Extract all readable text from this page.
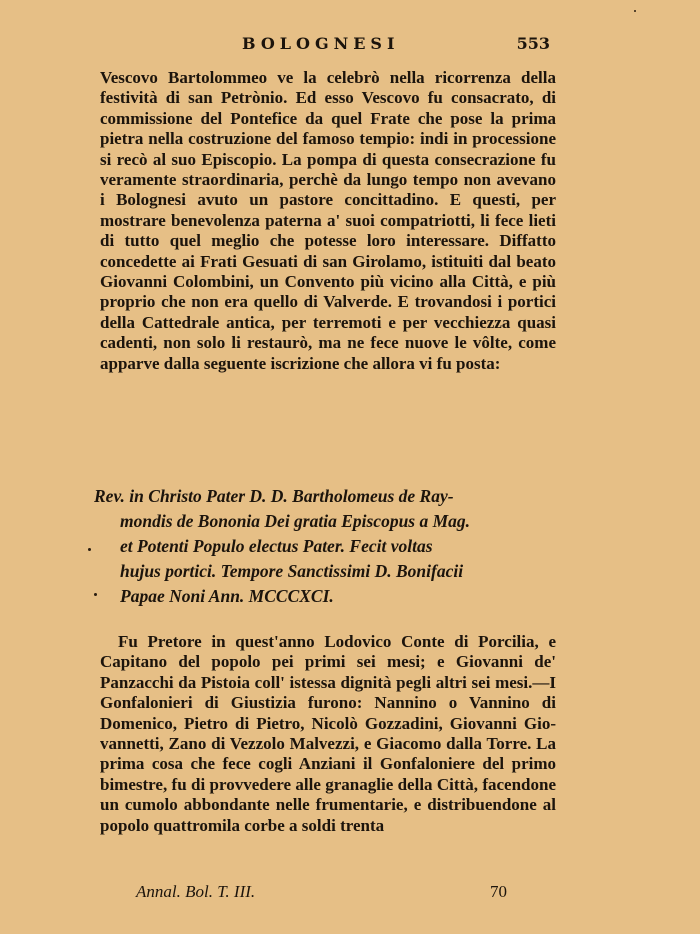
BOLOGNESI	553

Vescovo Bartolommeo ve la celebrò nella ricorrenza della festività di san Petrònio. Ed esso Vescovo fu consacrato, di commissione del Pontefice da quel Frate che pose la prima pietra nella costruzione del famoso tempio: indi in processione si recò al suo Episcopio. La pompa di questa consecrazione fu veramente straordinaria, perchè da lungo tempo non avevano i Bolognesi avuto un pastore concittadino. E questi, per mostrare benevolenza paterna a' suoi compatriotti, li fece lieti di tutto quel meglio che potesse loro interessare. Diffatto concedette ai Frati Gesuati di san Girolamo, istituiti dal beato Giovanni Colombini, un Convento più vicino alla Città, e più proprio che non era quello di Valverde. E trovandosi i portici della Cattedrale antica, per terremoti e per vecchiezza quasi cadenti, non solo li restaurò, ma ne fece nuove le vôlte, come apparve dalla seguente iscrizione che allora vi fu posta:

Rev. in Christo Pater D. D. Bartholomeus de Ray-
mondis de Bononia Dei gratia Episcopus a Mag.
et Potenti Populo electus Pater. Fecit voltas
hujus portici. Tempore Sanctissimi D. Bonifacii
Papae Noni Ann. MCCCXCI.

Fu Pretore in quest'anno Lodovico Conte di Porcilia, e Capitano del popolo pei primi sei mesi; e Giovanni de' Panzacchi da Pistoia coll' istessa dignità pegli altri sei mesi.—I Gonfalonieri di Giustizia furono: Nannino o Vannino di Domenico, Pietro di Pietro, Nicolò Gozzadini, Giovanni Giovannetti, Zano di Vezzolo Malvezzi, e Giacomo dalla Torre. La prima cosa che fece cogli Anziani il Gonfaloniere del primo bimestre, fu di provvedere alle granaglie della Città, facendone un cumolo abbondante nelle frumentarie, e distribuendone al popolo quattromila corbe a soldi trenta

Annal. Bol. T. III.	70
